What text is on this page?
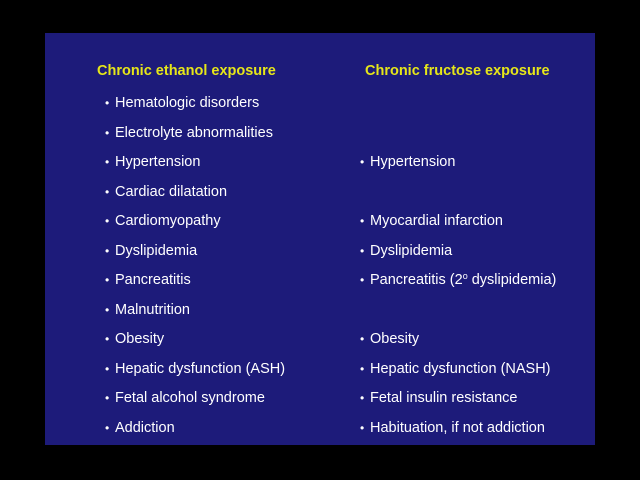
Chronic ethanol exposure	Chronic fructose exposure

• Hematologic disorders
• Electrolyte abnormalities
• Hypertension
• Cardiac dilatation
• Cardiomyopathy
• Dyslipidemia
• Pancreatitis
• Malnutrition
• Obesity
• Hepatic dysfunction (ASH)
• Fetal alcohol syndrome
• Addiction
• Hypertension
• Myocardial infarction
• Dyslipidemia
• Pancreatitis (2$^o$ dyslipidemia)
• Obesity
• Hepatic dysfunction (NASH)
• Fetal insulin resistance
• Habituation, if not addiction
